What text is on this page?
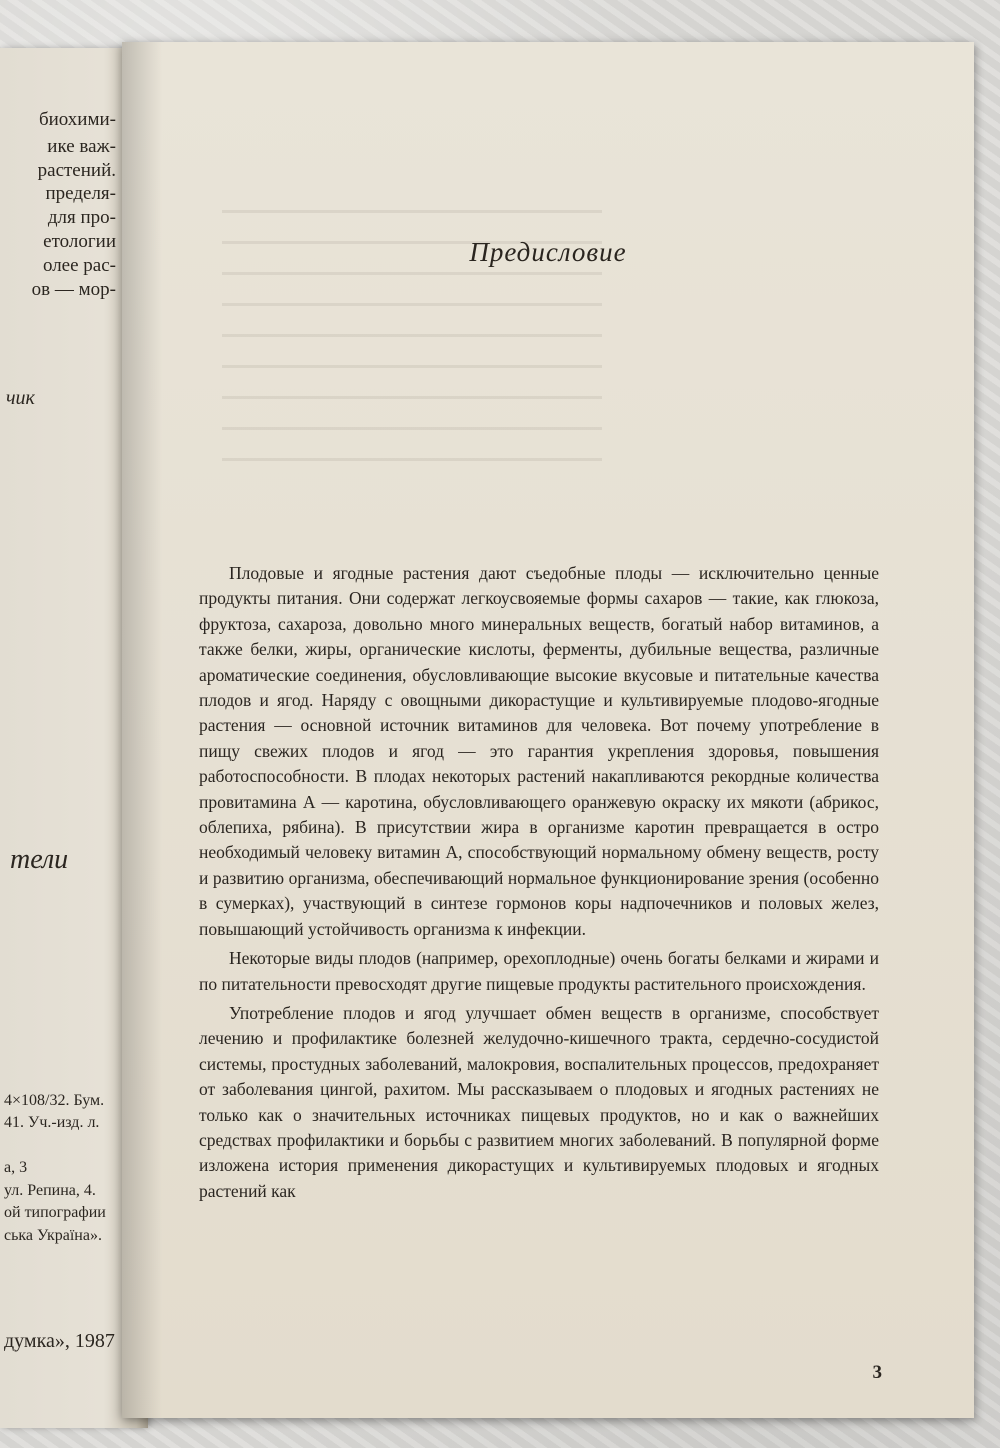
биохими-
ике важ-
растений.
пределя-
для про-
етологии
олее рас-
ов — мор-
чик
тели
4×108/32. Бум.
41. Уч.-изд. л.
а, 3
ул. Репина, 4.
ой типографии
ська Україна».
думка», 1987
Предисловие

Плодовые и ягодные растения дают съедобные плоды — исключительно ценные продукты питания. Они содержат легкоусвояемые формы сахаров — такие, как глюкоза, фруктоза, сахароза, довольно много минеральных веществ, богатый набор витаминов, а также белки, жиры, органические кислоты, ферменты, дубильные вещества, различные ароматические соединения, обусловливающие высокие вкусовые и питательные качества плодов и ягод. Наряду с овощными дикорастущие и культивируемые плодово-ягодные растения — основной источник витаминов для человека. Вот почему употребление в пищу свежих плодов и ягод — это гарантия укрепления здоровья, повышения работоспособности. В плодах некоторых растений накапливаются рекордные количества провитамина А — каротина, обусловливающего оранжевую окраску их мякоти (абрикос, облепиха, рябина). В присутствии жира в организме каротин превращается в остро необходимый человеку витамин А, способствующий нормальному обмену веществ, росту и развитию организма, обеспечивающий нормальное функционирование зрения (особенно в сумерках), участвующий в синтезе гормонов коры надпочечников и половых желез, повышающий устойчивость организма к инфекции.

Некоторые виды плодов (например, орехоплодные) очень богаты белками и жирами и по питательности превосходят другие пищевые продукты растительного происхождения.

Употребление плодов и ягод улучшает обмен веществ в организме, способствует лечению и профилактике болезней желудочно-кишечного тракта, сердечно-сосудистой системы, простудных заболеваний, малокровия, воспалительных процессов, предохраняет от заболевания цингой, рахитом. Мы рассказываем о плодовых и ягодных растениях не только как о значительных источниках пищевых продуктов, но и как о важнейших средствах профилактики и борьбы с развитием многих заболеваний. В популярной форме изложена история применения дикорастущих и культивируемых плодовых и ягодных растений как

3
